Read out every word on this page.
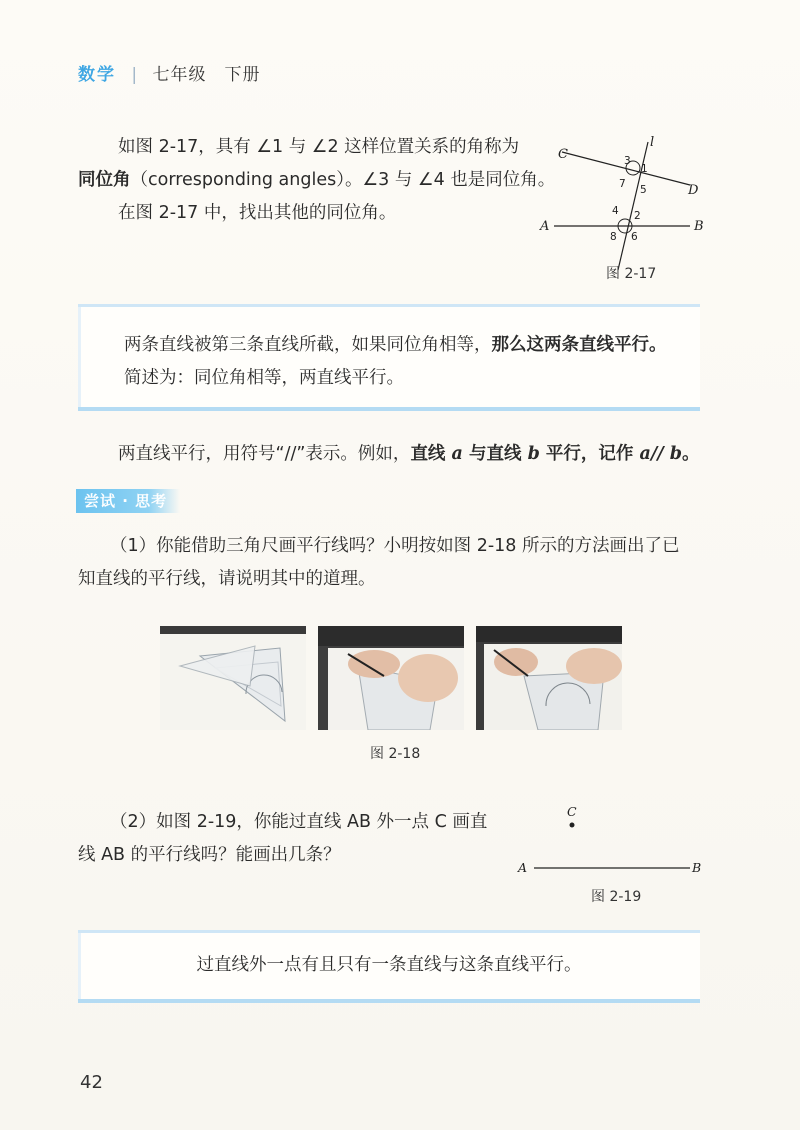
数学 | 七年级　下册
如图 2-17，具有 ∠1 与 ∠2 这样位置关系的角称为
同位角（corresponding angles）。∠3 与 ∠4 也是同位角。
在图 2-17 中，找出其他的同位角。
C
D
A	B
l
3
1
7 5
4 2
8 6
图 2-17
两条直线被第三条直线所截，如果同位角相等，那么这两条直线平行。
简述为：同位角相等，两直线平行。
两直线平行，用符号“//”表示。例如，直线 a 与直线 b 平行，记作 a// b。
尝试 · 思考
（1）你能借助三角尺画平行线吗？小明按如图 2-18 所示的方法画出了已
知直线的平行线，请说明其中的道理。
图 2-18
（2）如图 2-19，你能过直线 AB 外一点 C 画直
线 AB 的平行线吗？能画出几条？
A	B
C
图 2-19
过直线外一点有且只有一条直线与这条直线平行。
42
